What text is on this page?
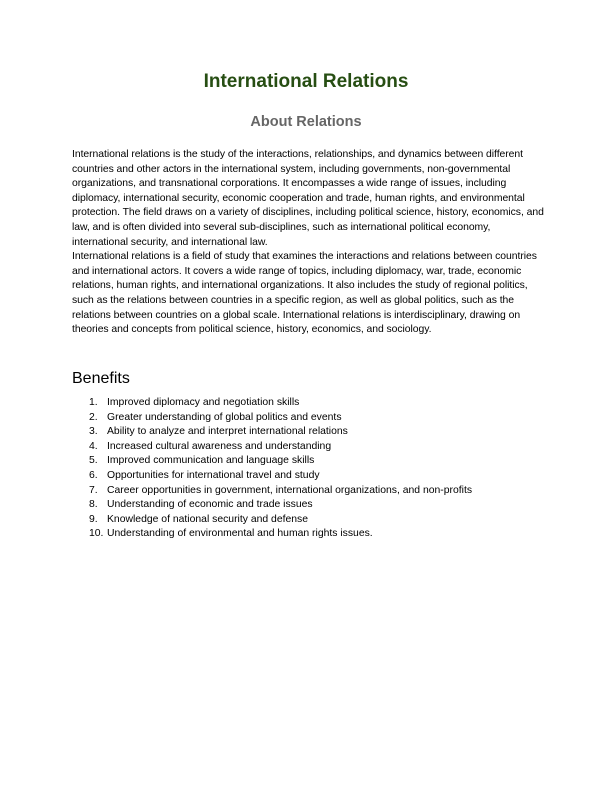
International Relations
About Relations
International relations is the study of the interactions, relationships, and dynamics between different countries and other actors in the international system, including governments, non-governmental organizations, and transnational corporations. It encompasses a wide range of issues, including diplomacy, international security, economic cooperation and trade, human rights, and environmental protection. The field draws on a variety of disciplines, including political science, history, economics, and law, and is often divided into several sub-disciplines, such as international political economy, international security, and international law.
International relations is a field of study that examines the interactions and relations between countries and international actors. It covers a wide range of topics, including diplomacy, war, trade, economic relations, human rights, and international organizations. It also includes the study of regional politics, such as the relations between countries in a specific region, as well as global politics, such as the relations between countries on a global scale. International relations is interdisciplinary, drawing on theories and concepts from political science, history, economics, and sociology.
Benefits
1. Improved diplomacy and negotiation skills
2. Greater understanding of global politics and events
3. Ability to analyze and interpret international relations
4. Increased cultural awareness and understanding
5. Improved communication and language skills
6. Opportunities for international travel and study
7. Career opportunities in government, international organizations, and non-profits
8. Understanding of economic and trade issues
9. Knowledge of national security and defense
10. Understanding of environmental and human rights issues.
